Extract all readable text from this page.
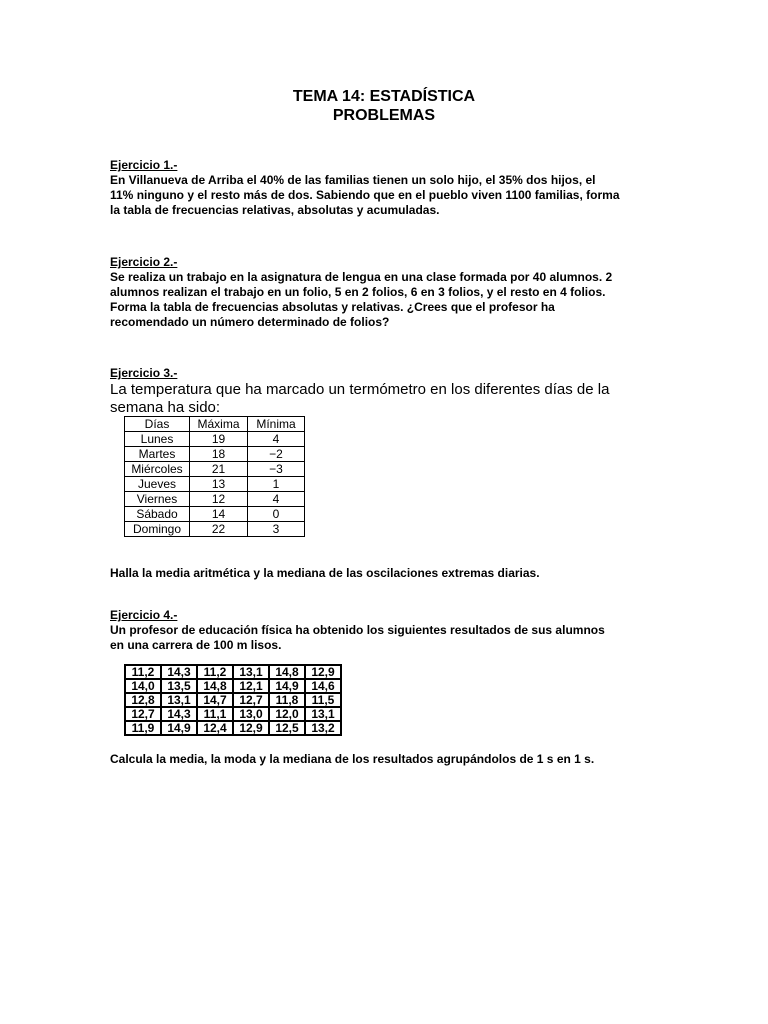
TEMA 14: ESTADÍSTICA
PROBLEMAS
Ejercicio 1.-
En Villanueva de Arriba el 40% de las familias tienen un solo hijo, el 35% dos hijos, el
11% ninguno y el resto más de dos. Sabiendo que en el pueblo viven 1100 familias, forma
la tabla de frecuencias relativas, absolutas y acumuladas.
Ejercicio 2.-
Se realiza un trabajo en la asignatura de lengua en una clase formada por 40 alumnos. 2
alumnos realizan el trabajo en un folio, 5 en 2 folios, 6 en 3 folios, y el resto en 4 folios.
Forma la tabla de frecuencias absolutas y relativas. ¿Crees que el profesor ha
recomendado un número determinado de folios?
Ejercicio 3.-
La temperatura que ha marcado un termómetro en los diferentes días de la
semana ha sido:
Días	Máxima	Mínima
Lunes	19	4
Martes	18	−2
Miércoles	21	−3
Jueves	13	1
Viernes	12	4
Sábado	14	0
Domingo	22	3
Halla la media aritmética y la mediana de las oscilaciones extremas diarias.
Ejercicio 4.-
Un profesor de educación física ha obtenido los siguientes resultados de sus alumnos
en una carrera de 100 m lisos.
11,2	14,3	11,2	13,1	14,8	12,9
14,0	13,5	14,8	12,1	14,9	14,6
12,8	13,1	14,7	12,7	11,8	11,5
12,7	14,3	11,1	13,0	12,0	13,1
11,9	14,9	12,4	12,9	12,5	13,2
Calcula la media, la moda y la mediana de los resultados agrupándolos de 1 s en 1 s.
